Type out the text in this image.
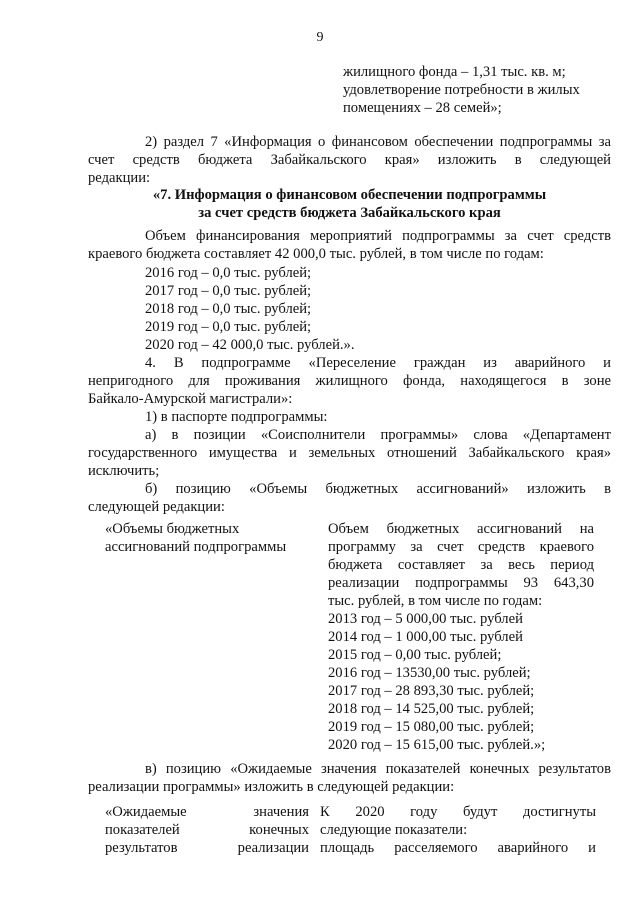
9
жилищного фонда – 1,31 тыс. кв. м;
удовлетворение потребности в жилых
помещениях – 28 семей»;
2) раздел 7 «Информация о финансовом обеспечении подпрограммы за
счет средств бюджета Забайкальского края» изложить в следующей
редакции:
«7. Информация о финансовом обеспечении подпрограммы
за счет средств бюджета Забайкальского края
Объем финансирования мероприятий подпрограммы за счет средств
краевого бюджета составляет 42 000,0 тыс. рублей, в том числе по годам:
2016 год – 0,0 тыс. рублей;
2017 год – 0,0 тыс. рублей;
2018 год – 0,0 тыс. рублей;
2019 год – 0,0 тыс. рублей;
2020 год – 42 000,0 тыс. рублей.».
4. В подпрограмме «Переселение граждан из аварийного и
непригодного для проживания жилищного фонда, находящегося в зоне
Байкало-Амурской магистрали»:
1) в паспорте подпрограммы:
а) в позиции «Соисполнители программы» слова «Департамент
государственного имущества и земельных отношений Забайкальского края»
исключить;
б) позицию «Объемы бюджетных ассигнований» изложить в
следующей редакции:
«Объемы бюджетных
ассигнований подпрограммы
Объем бюджетных ассигнований на
программу за счет средств краевого
бюджета составляет за весь период
реализации подпрограммы 93 643,30
тыс. рублей, в том числе по годам:
2013 год – 5 000,00 тыс. рублей
2014 год – 1 000,00 тыс. рублей
2015 год – 0,00 тыс. рублей;
2016 год – 13530,00 тыс. рублей;
2017 год – 28 893,30 тыс. рублей;
2018 год – 14 525,00 тыс. рублей;
2019 год – 15 080,00 тыс. рублей;
2020 год – 15 615,00 тыс. рублей.»;
в) позицию «Ожидаемые значения показателей конечных результатов
реализации программы» изложить в следующей редакции:
«Ожидаемые значения
показателей конечных
результатов реализации
К 2020 году будут достигнуты
следующие показатели:
площадь расселяемого аварийного и
